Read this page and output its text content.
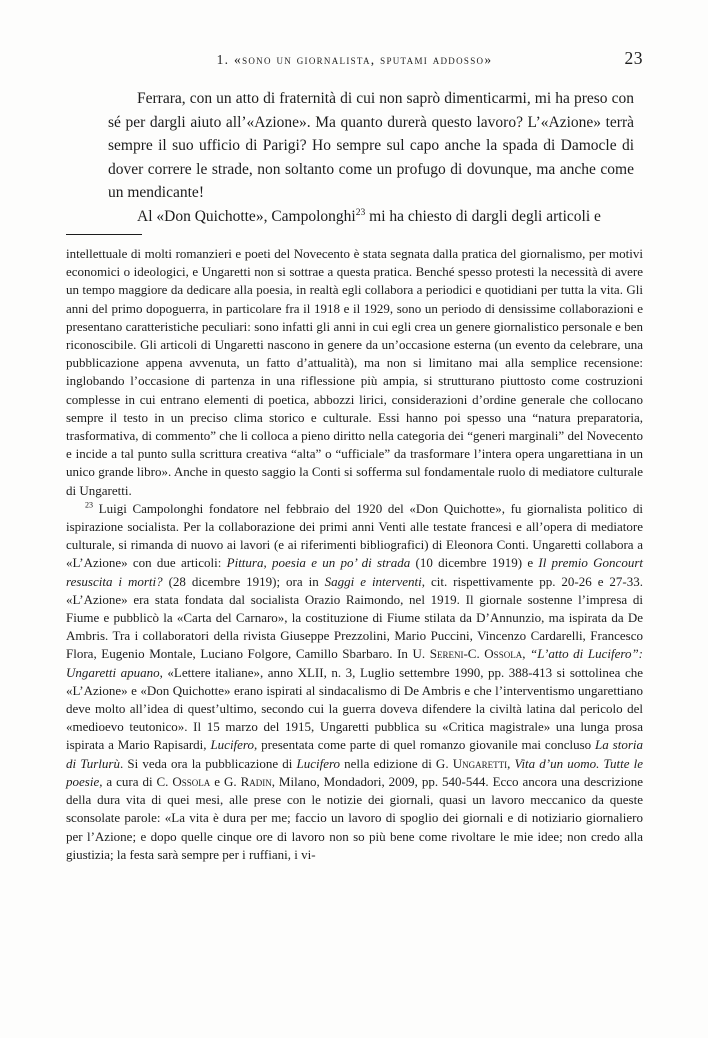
1. «sono un giornalista, sputami addosso»	23

Ferrara, con un atto di fraternità di cui non saprò dimenticarmi, mi ha preso con sé per dargli aiuto all’«Azione». Ma quanto durerà questo lavoro? L’«Azione» terrà sempre il suo ufficio di Parigi? Ho sempre sul capo anche la spada di Damocle di dover correre le strade, non soltanto come un profugo di dovunque, ma anche come un mendicante!

Al «Don Quichotte», Campolonghi$^{23}$ mi ha chiesto di dargli degli articoli e

intellettuale di molti romanzieri e poeti del Novecento è stata segnata dalla pratica del giornalismo, per motivi economici o ideologici, e Ungaretti non si sottrae a questa pratica. Benché spesso protesti la necessità di avere un tempo maggiore da dedicare alla poesia, in realtà egli collabora a periodici e quotidiani per tutta la vita. Gli anni del primo dopoguerra, in particolare fra il 1918 e il 1929, sono un periodo di densissime collaborazioni e presentano caratteristiche peculiari: sono infatti gli anni in cui egli crea un genere giornalistico personale e ben riconoscibile. Gli articoli di Ungaretti nascono in genere da un’occasione esterna (un evento da celebrare, una pubblicazione appena avvenuta, un fatto d’attualità), ma non si limitano mai alla semplice recensione: inglobando l’occasione di partenza in una riflessione più ampia, si strutturano piuttosto come costruzioni complesse in cui entrano elementi di poetica, abbozzi lirici, considerazioni d’ordine generale che collocano sempre il testo in un preciso clima storico e culturale. Essi hanno poi spesso una “natura preparatoria, trasformativa, di commento” che li colloca a pieno diritto nella categoria dei “generi marginali” del Novecento e incide a tal punto sulla scrittura creativa “alta” o “ufficiale” da trasformare l’intera opera ungarettiana in un unico grande libro». Anche in questo saggio la Conti si sofferma sul fondamentale ruolo di mediatore culturale di Ungaretti.

$^{23}$ Luigi Campolonghi fondatore nel febbraio del 1920 del «Don Quichotte», fu giornalista politico di ispirazione socialista. Per la collaborazione dei primi anni Venti alle testate francesi e all’opera di mediatore culturale, si rimanda di nuovo ai lavori (e ai riferimenti bibliografici) di Eleonora Conti. Ungaretti collabora a «L’Azione» con due articoli: Pittura, poesia e un po’ di strada (10 dicembre 1919) e Il premio Goncourt resuscita i morti? (28 dicembre 1919); ora in Saggi e interventi, cit. rispettivamente pp. 20-26 e 27-33. «L’Azione» era stata fondata dal socialista Orazio Raimondo, nel 1919. Il giornale sostenne l’impresa di Fiume e pubblicò la «Carta del Carnaro», la costituzione di Fiume stilata da D’Annunzio, ma ispirata da De Ambris. Tra i collaboratori della rivista Giuseppe Prezzolini, Mario Puccini, Vincenzo Cardarelli, Francesco Flora, Eugenio Montale, Luciano Folgore, Camillo Sbarbaro. In U. Sereni-C. Ossola, “L’atto di Lucifero”: Ungaretti apuano, «Lettere italiane», anno XLII, n. 3, Luglio settembre 1990, pp. 388-413 si sottolinea che «L’Azione» e «Don Quichotte» erano ispirati al sindacalismo di De Ambris e che l’interventismo ungarettiano deve molto all’idea di quest’ultimo, secondo cui la guerra doveva difendere la civiltà latina dal pericolo del «medioevo teutonico». Il 15 marzo del 1915, Ungaretti pubblica su «Critica magistrale» una lunga prosa ispirata a Mario Rapisardi, Lucifero, presentata come parte di quel romanzo giovanile mai concluso La storia di Turlurù. Si veda ora la pubblicazione di Lucifero nella edizione di G. Ungaretti, Vita d’un uomo. Tutte le poesie, a cura di C. Ossola e G. Radin, Milano, Mondadori, 2009, pp. 540-544. Ecco ancora una descrizione della dura vita di quei mesi, alle prese con le notizie dei giornali, quasi un lavoro meccanico da queste sconsolate parole: «La vita è dura per me; faccio un lavoro di spoglio dei giornali e di notiziario giornaliero per l’Azione; e dopo quelle cinque ore di lavoro non so più bene come rivoltare le mie idee; non credo alla giustizia; la festa sarà sempre per i ruffiani, i vi-
